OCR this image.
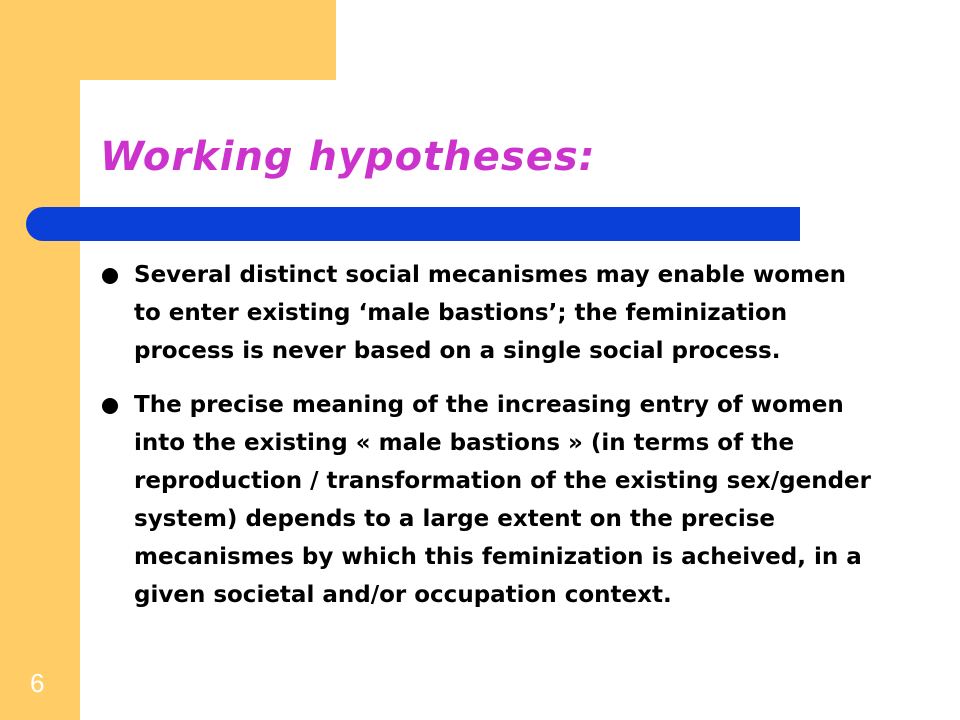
Working hypotheses:
Several distinct social mecanismes may enable women to enter existing ‘male bastions’; the feminization process is never based on a single social process.
The precise meaning of the increasing entry of women into the existing « male bastions » (in terms of the reproduction / transformation of the existing sex/gender system) depends to a large extent on the precise mecanismes by which this feminization is acheived, in a given societal and/or occupation context.
6
